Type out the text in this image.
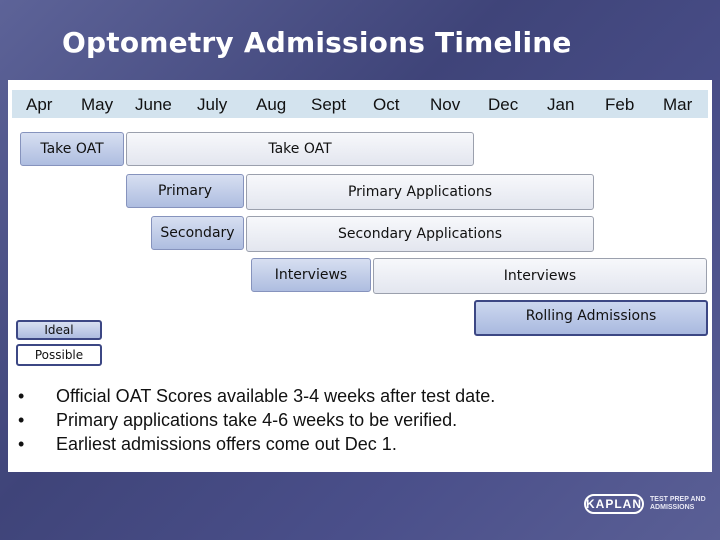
Optometry Admissions Timeline
Apr May June July Aug Sept Oct Nov Dec Jan Feb Mar
Take OAT	Take OAT
Primary	Primary Applications
Secondary	Secondary Applications
Interviews	Interviews
Rolling Admissions
Ideal
Possible
• Official OAT Scores available 3-4 weeks after test date.
• Primary applications take 4-6 weeks to be verified.
• Earliest admissions offers come out Dec 1.
KAPLAN TEST PREP AND ADMISSIONS
